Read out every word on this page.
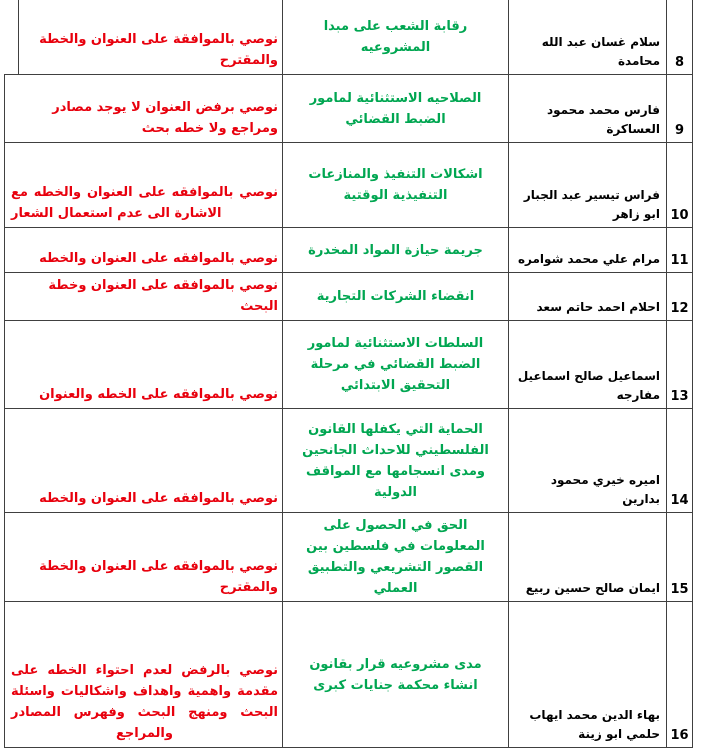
8	سلام غسان عبد الله محامدة	رقابة الشعب على مبدا المشروعيه	نوصي بالموافقة على العنوان والخطة والمقترح

9	فارس محمد محمود العساكرة	الصلاحيه الاستثنائية لمامور الضبط القضائي	نوصي برفض العنوان لا يوجد مصادر ومراجع ولا خطه بحث
10	فراس تيسير عبد الجبار ابو زاهر	اشكالات التنفيذ والمنازعات التنفيذية الوقتية	نوصي بالموافقه على العنوان والخطه مع الاشارة الى عدم استعمال الشعار
11	مرام علي محمد شوامره	جريمة حيازة المواد المخدرة	نوصي بالموافقه على العنوان والخطه
12	احلام احمد حاتم سعد	انقضاء الشركات التجارية	نوصي بالموافقه على العنوان وخطة البحث
13	اسماعيل صالح اسماعيل مفارجه	السلطات الاستثنائية لمامور الضبط القضائي في مرحلة التحقيق الابتدائي	نوصي بالموافقه على الخطه والعنوان
14	اميره خيري محمود بدارين	الحماية التي يكفلها القانون الفلسطيني للاحداث الجانحين ومدى انسجامها مع المواقف الدولية	نوصي بالموافقه على العنوان والخطه
15	ايمان صالح حسين ربيع	الحق في الحصول على المعلومات في فلسطين بين القصور التشريعي والتطبيق العملي	نوصي بالموافقه على العنوان والخطة والمقترح
16	بهاء الدين محمد ايهاب حلمي ابو زينة	مدى مشروعيه قرار بقانون انشاء محكمة جنايات كبرى	نوصي بالرفض لعدم احتواء الخطه على مقدمة واهمية واهداف واشكاليات واسئلة البحث ومنهج البحث وفهرس المصادر والمراجع
